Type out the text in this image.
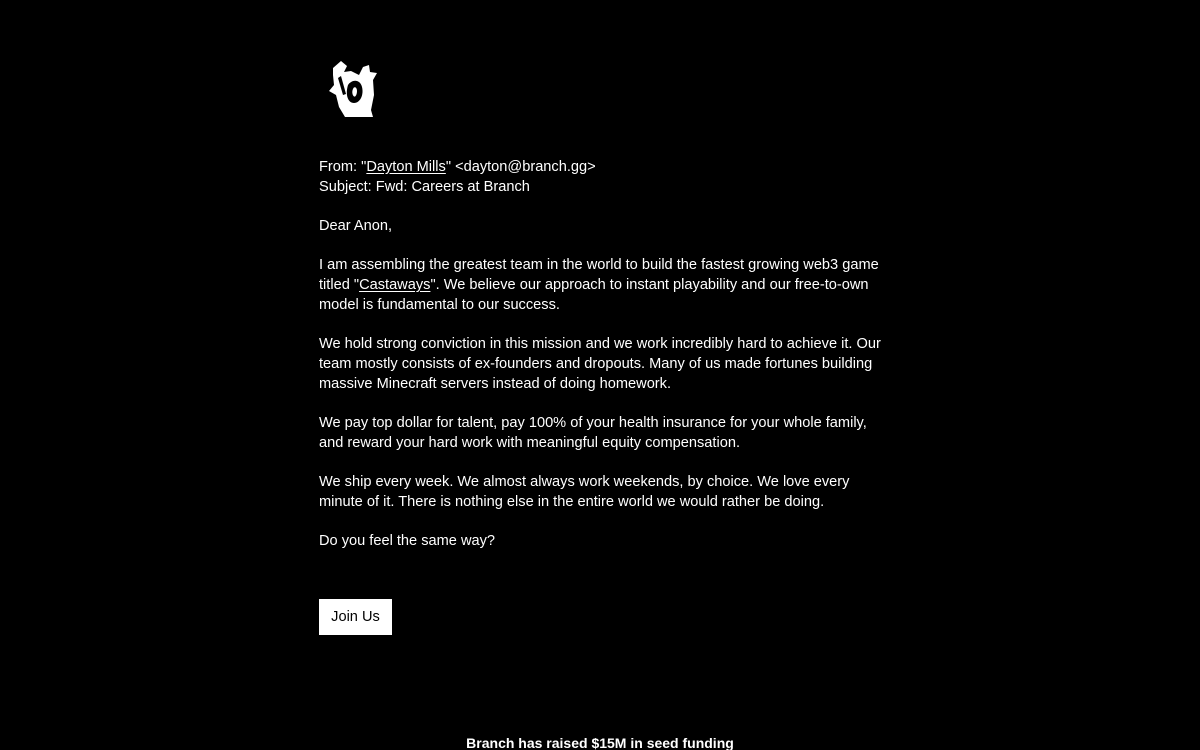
From: "Dayton Mills" <dayton@branch.gg>
Subject: Fwd: Careers at Branch

Dear Anon,

I am assembling the greatest team in the world to build the fastest growing web3 game titled "Castaways". We believe our approach to instant playability and our free-to-own model is fundamental to our success.

We hold strong conviction in this mission and we work incredibly hard to achieve it. Our team mostly consists of ex-founders and dropouts. Many of us made fortunes building massive Minecraft servers instead of doing homework.

We pay top dollar for talent, pay 100% of your health insurance for your whole family, and reward your hard work with meaningful equity compensation.

We ship every week. We almost always work weekends, by choice. We love every minute of it. There is nothing else in the entire world we would rather be doing.

Do you feel the same way?

Join Us
Branch has raised $15M in seed funding
